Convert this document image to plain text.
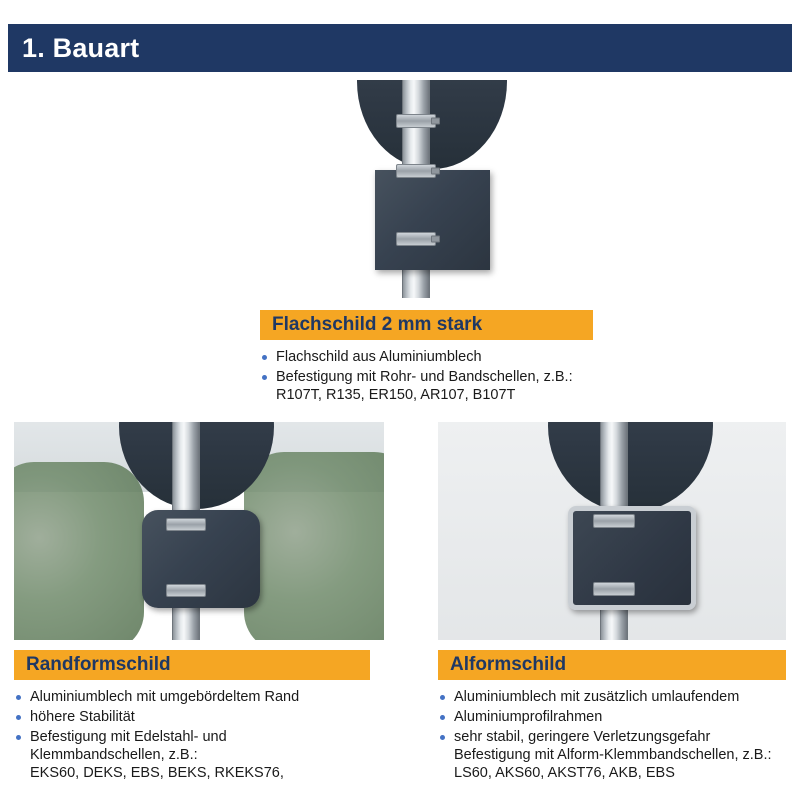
1. Bauart
Flachschild 2 mm stark
Flachschild aus Aluminiumblech
Befestigung mit Rohr- und Bandschellen, z.B.:
R107T, R135, ER150, AR107, B107T
Randformschild
Aluminiumblech mit umgebördeltem Rand
höhere Stabilität
Befestigung mit Edelstahl- und
Klemmbandschellen, z.B.:
EKS60, DEKS, EBS, BEKS, RKEKS76,
Alformschild
Aluminiumblech mit zusätzlich umlaufendem
Aluminiumprofilrahmen
sehr stabil, geringere Verletzungsgefahr
Befestigung mit Alform-Klemmbandschellen, z.B.:
LS60, AKS60, AKST76, AKB, EBS
